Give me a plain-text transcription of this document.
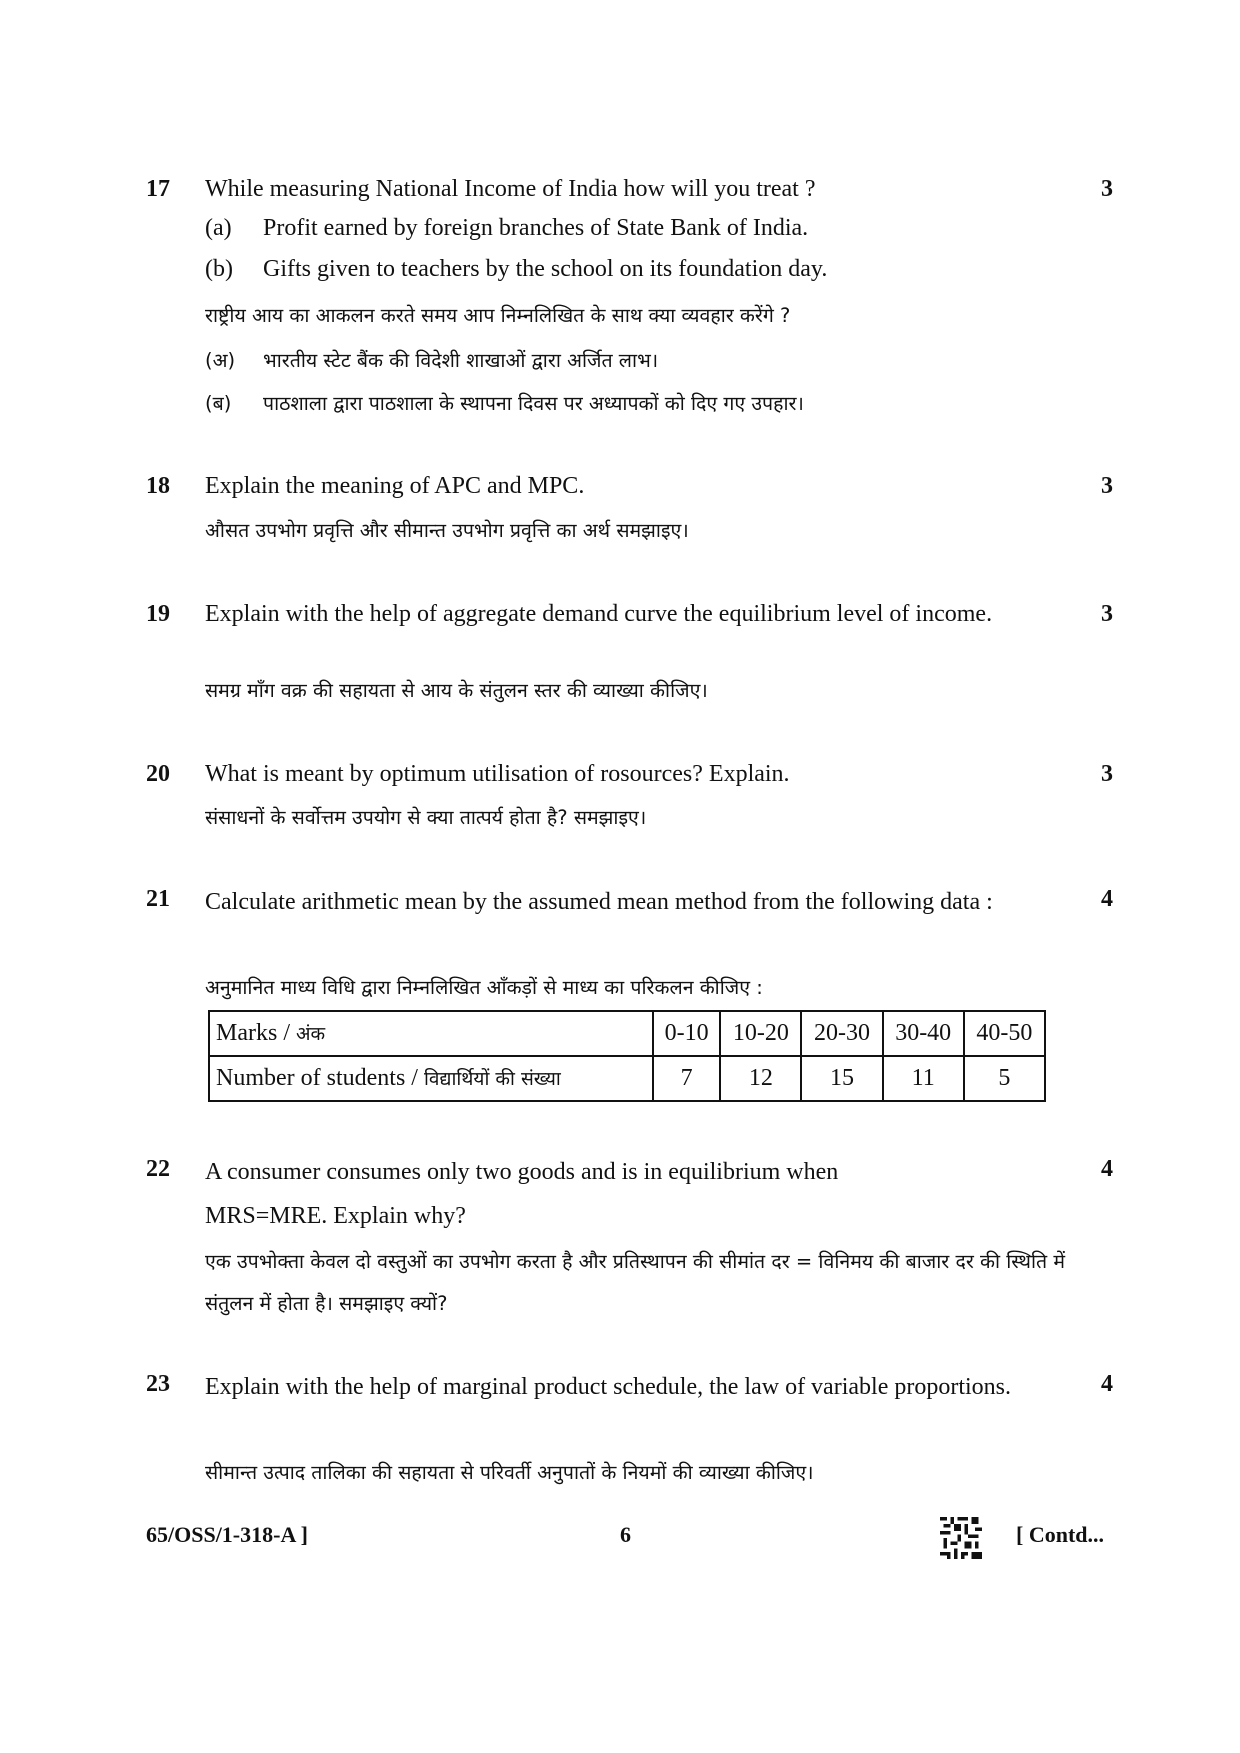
17	3
While measuring National Income of India how will you treat ?
(a) Profit earned by foreign branches of State Bank of India.
(b) Gifts given to teachers by the school on its foundation day.
राष्ट्रीय आय का आकलन करते समय आप निम्नलिखित के साथ क्या व्यवहार करेंगे ?
(अ) भारतीय स्टेट बैंक की विदेशी शाखाओं द्वारा अर्जित लाभ।
(ब) पाठशाला द्वारा पाठशाला के स्थापना दिवस पर अध्यापकों को दिए गए उपहार।
18	3
Explain the meaning of APC and MPC.
औसत उपभोग प्रवृत्ति और सीमान्त उपभोग प्रवृत्ति का अर्थ समझाइए।
19	3
Explain with the help of aggregate demand curve the equilibrium level of income.
समग्र माँग वक्र की सहायता से आय के संतुलन स्तर की व्याख्या कीजिए।
20	3
What is meant by optimum utilisation of rosources? Explain.
संसाधनों के सर्वोत्तम उपयोग से क्या तात्पर्य होता है? समझाइए।
21	4
Calculate arithmetic mean by the assumed mean method from the following data :
अनुमानित माध्य विधि द्वारा निम्नलिखित आँकड़ों से माध्य का परिकलन कीजिए :
Marks / अंक	0-10	10-20	20-30	30-40	40-50
Number of students / विद्यार्थियों की संख्या	7	12	15	11	5
22	4
A consumer consumes only two goods and is in equilibrium when MRS=MRE. Explain why?
एक उपभोक्ता केवल दो वस्तुओं का उपभोग करता है और प्रतिस्थापन की सीमांत दर = विनिमय की बाजार दर की स्थिति में संतुलन में होता है। समझाइए क्यों?
23	4
Explain with the help of marginal product schedule, the law of variable proportions.
सीमान्त उत्पाद तालिका की सहायता से परिवर्ती अनुपातों के नियमों की व्याख्या कीजिए।
65/OSS/1-318-A ]	6	[ Contd...
